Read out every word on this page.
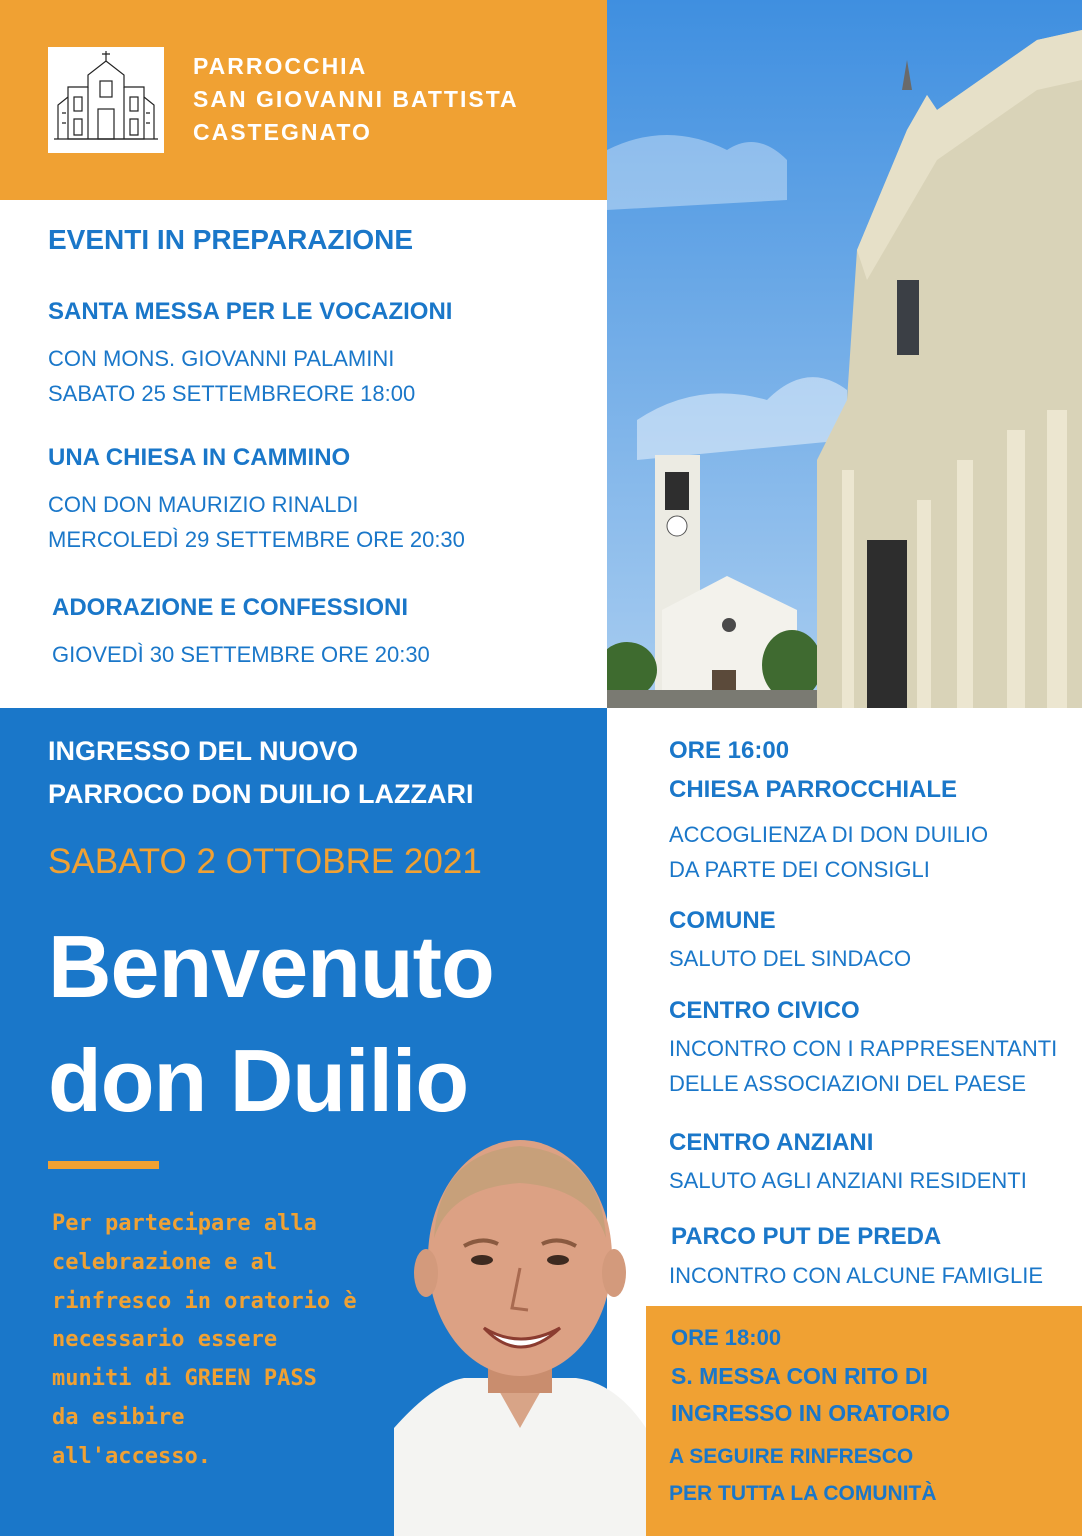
PARROCCHIA
SAN GIOVANNI BATTISTA
CASTEGNATO
EVENTI IN PREPARAZIONE
SANTA MESSA PER LE VOCAZIONI
CON MONS. GIOVANNI PALAMINI
SABATO 25 SETTEMBREORE 18:00
UNA CHIESA IN CAMMINO
CON DON MAURIZIO RINALDI
MERCOLEDÌ 29 SETTEMBRE ORE 20:30
ADORAZIONE E CONFESSIONI
GIOVEDÌ 30 SETTEMBRE ORE 20:30
INGRESSO DEL NUOVO
PARROCO DON DUILIO LAZZARI
SABATO 2 OTTOBRE 2021
Benvenuto
don Duilio
Per partecipare alla
celebrazione e al
rinfresco in oratorio è
necessario essere
muniti di GREEN PASS
da esibire
all'accesso.
ORE 16:00
CHIESA PARROCCHIALE
ACCOGLIENZA DI DON DUILIO
DA PARTE DEI CONSIGLI
COMUNE
SALUTO DEL SINDACO
CENTRO CIVICO
INCONTRO CON I RAPPRESENTANTI
DELLE ASSOCIAZIONI DEL PAESE
CENTRO ANZIANI
SALUTO AGLI ANZIANI RESIDENTI
PARCO PUT DE PREDA
INCONTRO CON ALCUNE FAMIGLIE
ORE 18:00
S. MESSA CON RITO DI
INGRESSO IN ORATORIO
A SEGUIRE RINFRESCO
PER TUTTA LA COMUNITÀ
